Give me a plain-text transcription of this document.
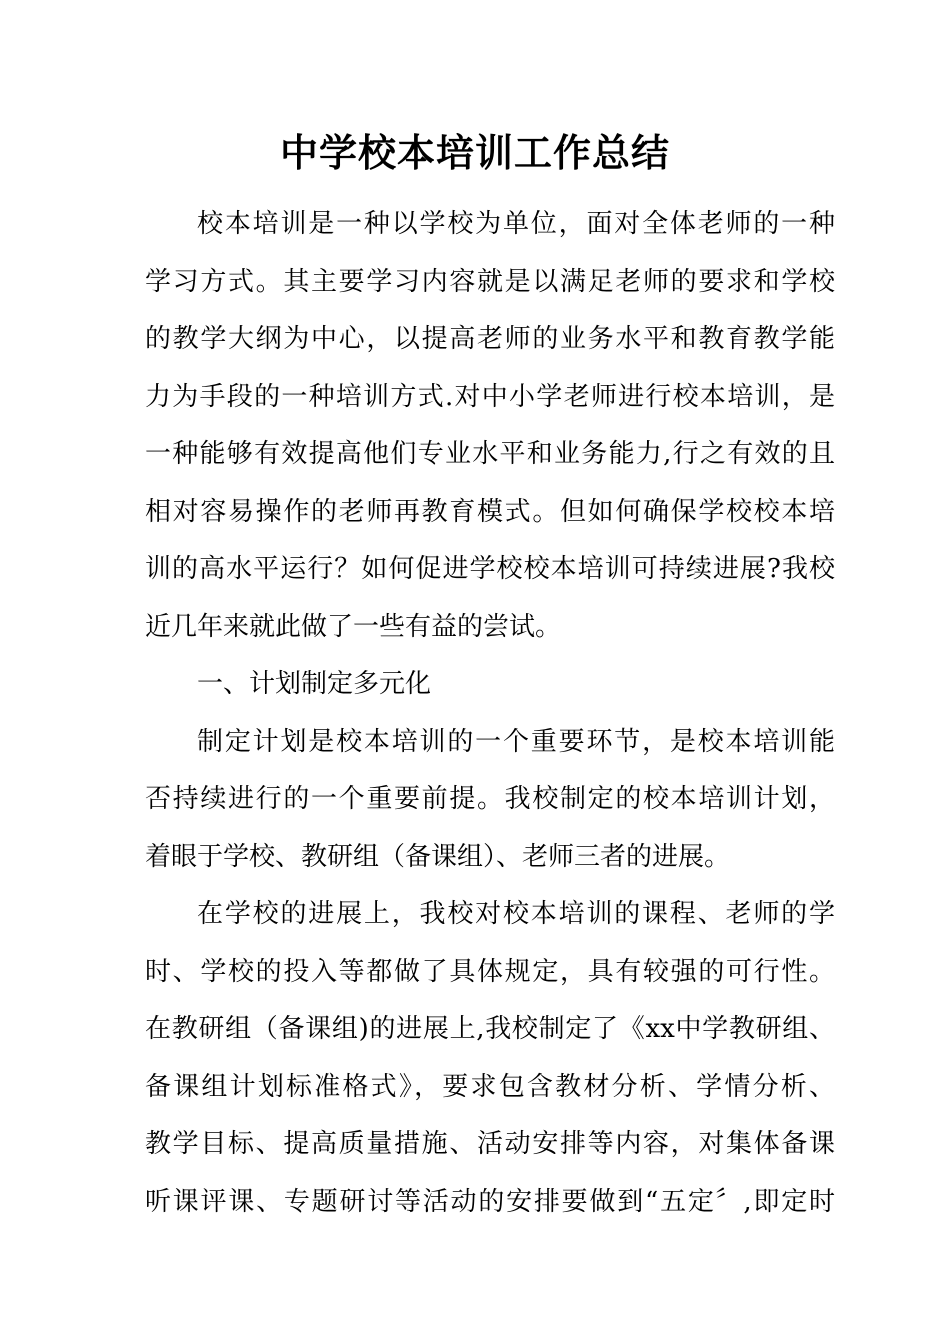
中学校本培训工作总结
校本培训是一种以学校为单位，面对全体老师的一种
学习方式。其主要学习内容就是以满足老师的要求和学校
的教学大纲为中心，以提高老师的业务水平和教育教学能
力为手段的一种培训方式.对中小学老师进行校本培训，是
一种能够有效提高他们专业水平和业务能力,行之有效的且
相对容易操作的老师再教育模式。但如何确保学校校本培
训的高水平运行？如何促进学校校本培训可持续进展?我校
近几年来就此做了一些有益的尝试。
一、计划制定多元化
制定计划是校本培训的一个重要环节，是校本培训能
否持续进行的一个重要前提。我校制定的校本培训计划，
着眼于学校、教研组（备课组）、老师三者的进展。
在学校的进展上，我校对校本培训的课程、老师的学
时、学校的投入等都做了具体规定，具有较强的可行性。
在教研组（备课组)的进展上,我校制定了《xx中学教研组、
备课组计划标准格式》，要求包含教材分析、学情分析、
教学目标、提高质量措施、活动安排等内容，对集体备课
听课评课、专题研讨等活动的安排要做到“五定〞,即定时
